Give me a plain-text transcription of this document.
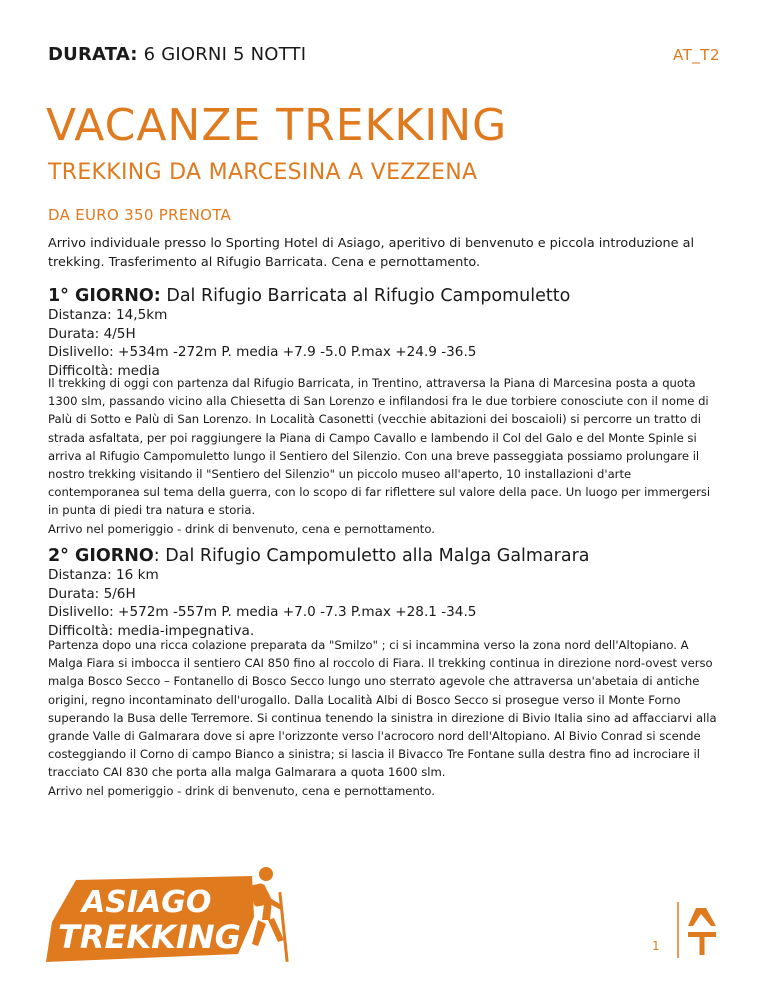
DURATA: 6 GIORNI 5 NOTTI	AT_T2
VACANZE TREKKING
TREKKING DA MARCESINA A VEZZENA
DA EURO 350 PRENOTA
Arrivo individuale presso lo Sporting Hotel di Asiago, aperitivo di benvenuto e piccola introduzione al trekking. Trasferimento al Rifugio Barricata. Cena e pernottamento.
1° GIORNO: Dal Rifugio Barricata al Rifugio Campomuletto
Distanza: 14,5km
Durata: 4/5H
Dislivello: +534m -272m P. media +7.9 -5.0 P.max +24.9 -36.5
Difficoltà: media

Il trekking di oggi con partenza dal Rifugio Barricata, in Trentino, attraversa la Piana di Marcesina posta a quota 1300 slm, passando vicino alla Chiesetta di San Lorenzo e infilandosi fra le due torbiere conosciute con il nome di Palù di Sotto e Palù di San Lorenzo. In Località Casonetti (vecchie abitazioni dei boscaioli) si percorre un tratto di strada asfaltata, per poi raggiungere la Piana di Campo Cavallo e lambendo il Col del Galo e del Monte Spinle si arriva al Rifugio Campomuletto lungo il Sentiero del Silenzio. Con una breve passeggiata possiamo prolungare il nostro trekking visitando il "Sentiero del Silenzio" un piccolo museo all'aperto, 10 installazioni d'arte contemporanea sul tema della guerra, con lo scopo di far riflettere sul valore della pace. Un luogo per immergersi in punta di piedi tra natura e storia.

Arrivo nel pomeriggio - drink di benvenuto, cena e pernottamento.

2° GIORNO: Dal Rifugio Campomuletto alla Malga Galmarara
Distanza: 16 km
Durata: 5/6H
Dislivello: +572m -557m P. media +7.0 -7.3 P.max +28.1 -34.5
Difficoltà: media-impegnativa.

Partenza dopo una ricca colazione preparata da "Smilzo" ; ci si incammina verso la zona nord dell'Altopiano. A Malga Fiara si imbocca il sentiero CAI 850 fino al roccolo di Fiara. Il trekking continua in direzione nord-ovest verso malga Bosco Secco – Fontanello di Bosco Secco lungo uno sterrato agevole che attraversa un'abetaia di antiche origini, regno incontaminato dell'urogallo. Dalla Località Albi di Bosco Secco si prosegue verso il Monte Forno superando la Busa delle Terremore. Si continua tenendo la sinistra in direzione di Bivio Italia sino ad affacciarvi alla grande Valle di Galmarara dove si apre l'orizzonte verso l'acrocoro nord dell'Altopiano. Al Bivio Conrad si scende costeggiando il Corno di campo Bianco a sinistra; si lascia il Bivacco Tre Fontane sulla destra fino ad incrociare il tracciato CAI 830 che porta alla malga Galmarara a quota 1600 slm.

Arrivo nel pomeriggio - drink di benvenuto, cena e pernottamento.

ASIAGO
TREKKING	1
